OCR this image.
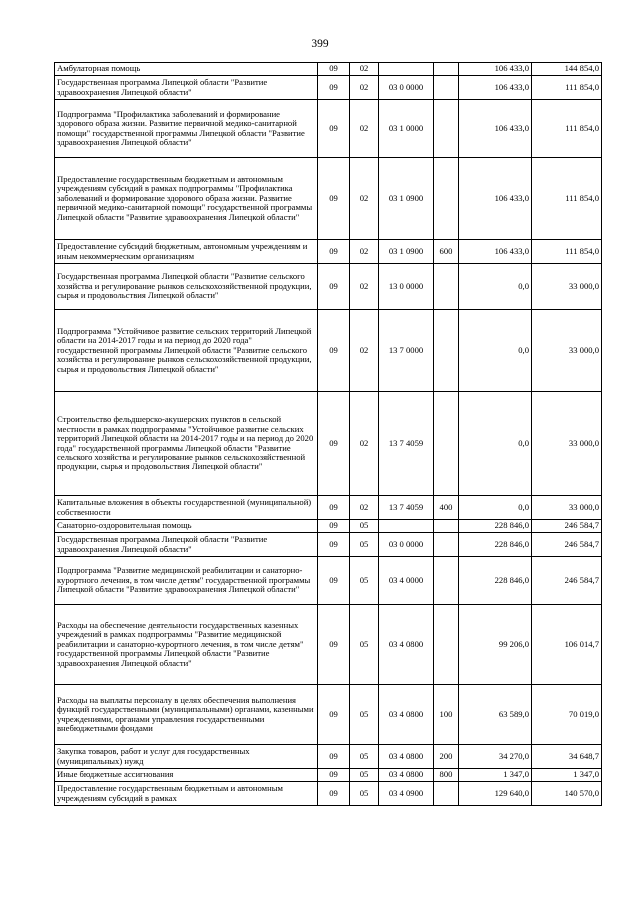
399
Амбулаторная помощь	09	02			106 433,0	144 854,0
Государственная программа Липецкой области "Развитие здравоохранения Липецкой области"	09	02	03 0 0000		106 433,0	111 854,0
Подпрограмма "Профилактика заболеваний и формирование здорового образа жизни. Развитие первичной медико-санитарной помощи" государственной программы Липецкой области "Развитие здравоохранения Липецкой области"	09	02	03 1 0000		106 433,0	111 854,0
Предоставление государственным бюджетным и автономным учреждениям субсидий в рамках подпрограммы "Профилактика заболеваний и формирование здорового образа жизни. Развитие первичной медико-санитарной помощи" государственной программы Липецкой области "Развитие здравоохранения Липецкой области"	09	02	03 1 0900		106 433,0	111 854,0
Предоставление субсидий бюджетным, автономным учреждениям и иным некоммерческим организациям	09	02	03 1 0900	600	106 433,0	111 854,0
Государственная программа Липецкой области "Развитие сельского хозяйства и регулирование рынков сельскохозяйственной продукции, сырья и продовольствия Липецкой области"	09	02	13 0 0000		0,0	33 000,0
Подпрограмма "Устойчивое развитие сельских территорий Липецкой области на 2014-2017 годы и на период до 2020 года" государственной программы Липецкой области "Развитие сельского хозяйства и регулирование рынков сельскохозяйственной продукции, сырья и продовольствия Липецкой области"	09	02	13 7 0000		0,0	33 000,0
Строительство фельдшерско-акушерских пунктов в сельской местности в рамках подпрограммы "Устойчивое развитие сельских территорий Липецкой области на 2014-2017 годы и на период до 2020 года" государственной программы Липецкой области "Развитие сельского хозяйства и регулирование рынков сельскохозяйственной продукции, сырья и продовольствия Липецкой области"	09	02	13 7 4059		0,0	33 000,0
Капитальные вложения в объекты государственной (муниципальной) собственности	09	02	13 7 4059	400	0,0	33 000,0
Санаторно-оздоровительная помощь	09	05			228 846,0	246 584,7
Государственная программа Липецкой области "Развитие здравоохранения Липецкой области"	09	05	03 0 0000		228 846,0	246 584,7
Подпрограмма "Развитие медицинской реабилитации и санаторно-курортного лечения, в том числе детям" государственной программы Липецкой области "Развитие здравоохранения Липецкой области"	09	05	03 4 0000		228 846,0	246 584,7
Расходы на обеспечение деятельности государственных казенных учреждений в рамках подпрограммы "Развитие медицинской реабилитации и санаторно-курортного лечения, в том числе детям" государственной программы Липецкой области "Развитие здравоохранения Липецкой области"	09	05	03 4 0800		99 206,0	106 014,7
Расходы на выплаты персоналу в целях обеспечения выполнения функций государственными (муниципальными) органами, казенными учреждениями, органами управления государственными внебюджетными фондами	09	05	03 4 0800	100	63 589,0	70 019,0
Закупка товаров, работ и услуг для государственных (муниципальных) нужд	09	05	03 4 0800	200	34 270,0	34 648,7
Иные бюджетные ассигнования	09	05	03 4 0800	800	1 347,0	1 347,0
Предоставление государственным бюджетным и автономным учреждениям субсидий в рамках	09	05	03 4 0900		129 640,0	140 570,0
